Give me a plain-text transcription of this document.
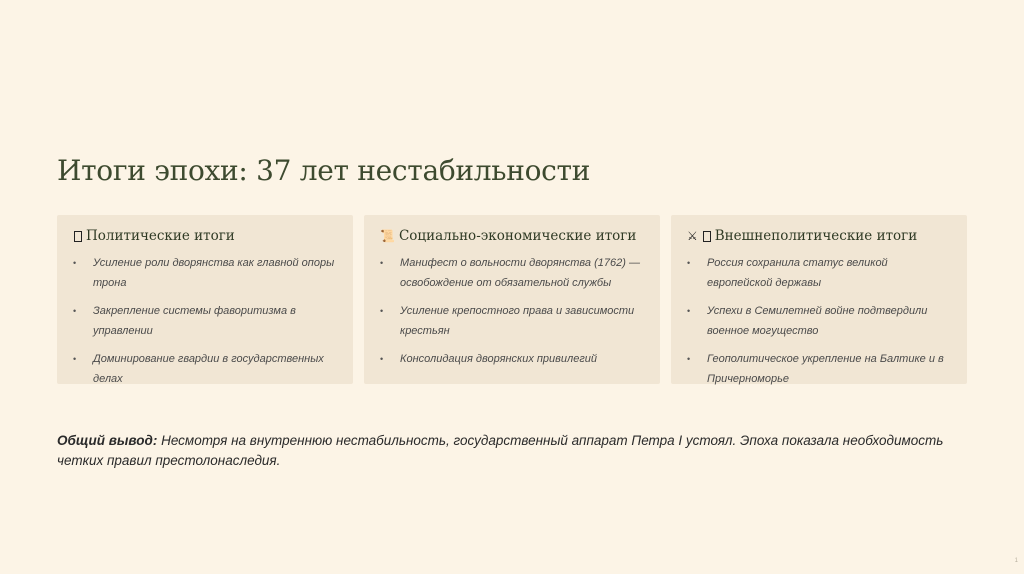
Итоги эпохи: 37 лет нестабильности
Политические итоги
• Усиление роли дворянства как главной опоры трона
• Закрепление системы фаворитизма в управлении
• Доминирование гвардии в государственных делах
📜 Социально-экономические итоги
• Манифест о вольности дворянства (1762) — освобождение от обязательной службы
• Усиление крепостного права и зависимости крестьян
• Консолидация дворянских привилегий
⚔ Внешнеполитические итоги
• Россия сохранила статус великой европейской державы
• Успехи в Семилетней войне подтвердили военное могущество
• Геополитическое укрепление на Балтике и в Причерноморье

Общий вывод: Несмотря на внутреннюю нестабильность, государственный аппарат Петра I устоял. Эпоха показала необходимость четких правил престолонаследия.

1
